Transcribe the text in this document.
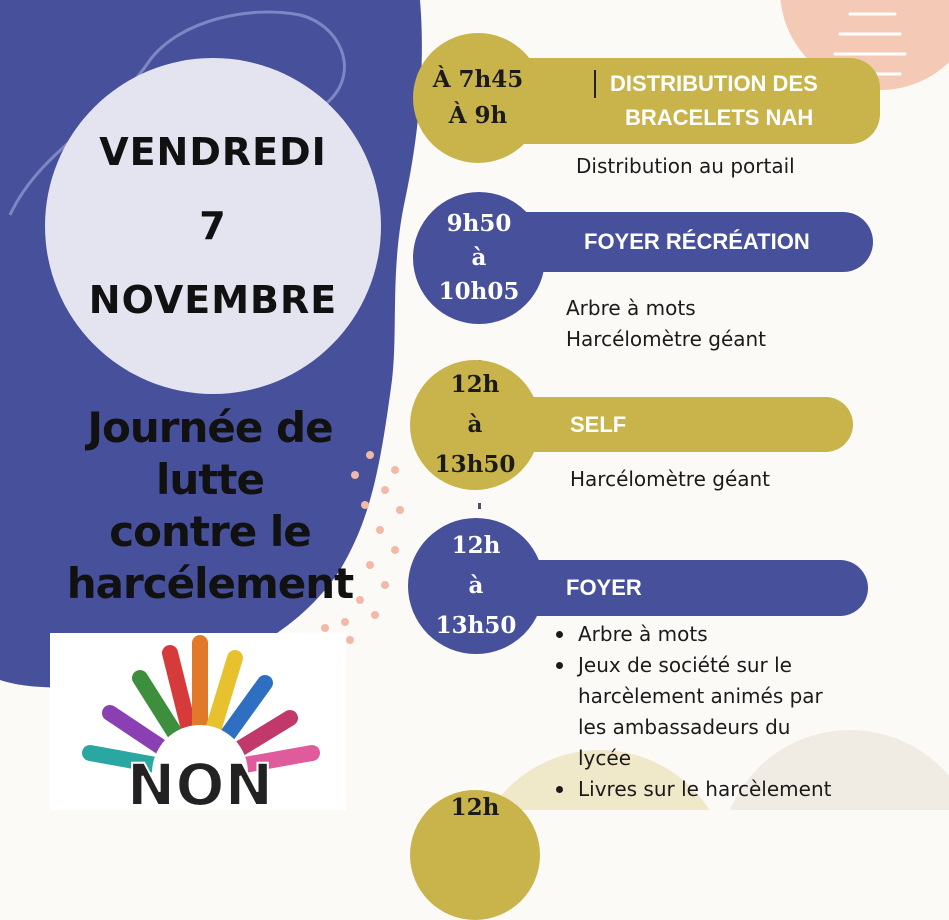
VENDREDI
7
NOVEMBRE
Journée de
lutte
contre le
harcélement
NON
DISTRIBUTION DES
BRACELETS NAH
À 7h45
À 9h

Distribution au portail

FOYER RÉCRÉATION
9h50
à
10h05
Arbre à mots
Harcélomètre géant
SELF
12h
à
13h50

Harcélomètre géant

FOYER
12h
à
13h50	Arbre à mots
Jeux de société sur le
harcèlement animés par
les ambassadeurs du
lycée
Livres sur le harcèlement
12h
